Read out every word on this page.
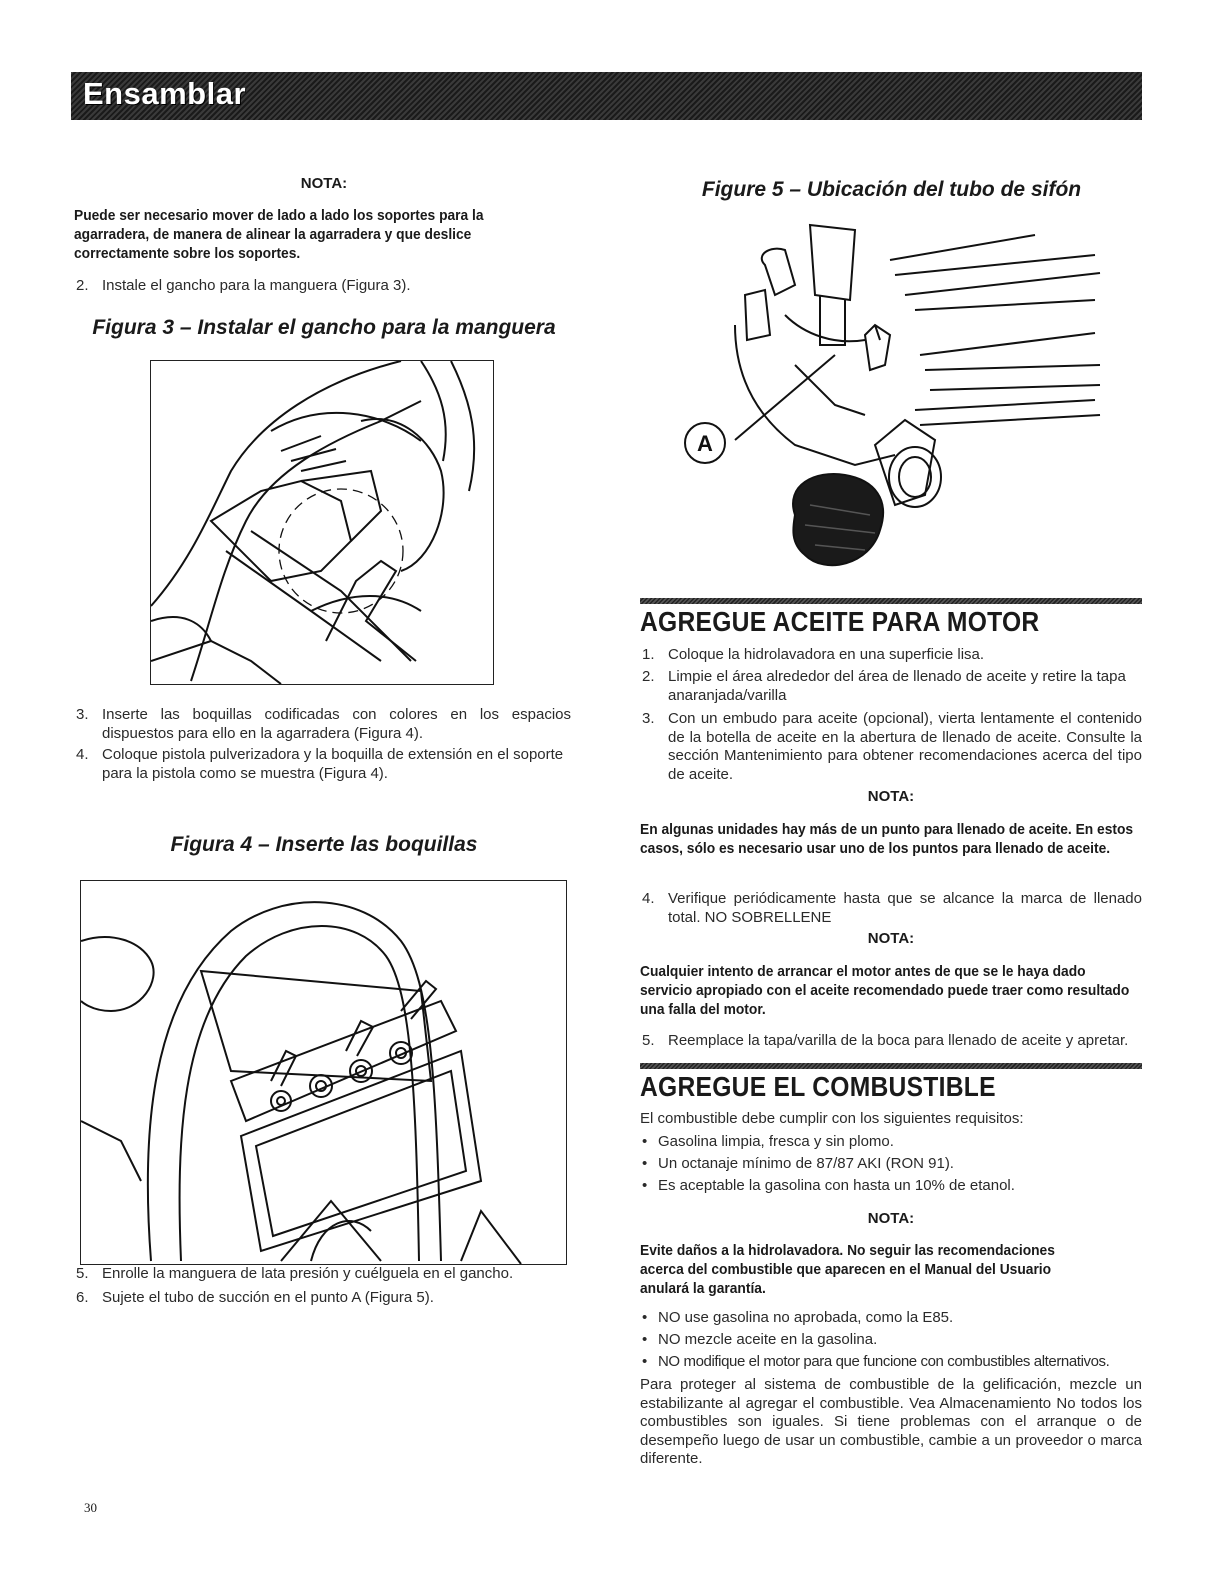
Ensamblar
NOTA:
Puede ser necesario mover de lado a lado los soportes para la agarradera, de manera de alinear la agarradera y que deslice correctamente sobre los soportes.
2. Instale el gancho para la manguera (Figura 3).
Figura 3 – Instalar el gancho para la manguera
3. Inserte las boquillas codificadas con colores en los espacios dispuestos para ello en la agarradera (Figura 4).
4. Coloque pistola pulverizadora y la boquilla de extensión en el soporte para la pistola como se muestra (Figura 4).
Figura 4 – Inserte las boquillas
5. Enrolle la manguera de lata presión y cuélguela en el gancho.
6. Sujete el tubo de succión en el punto A (Figura 5).
Figure 5 – Ubicación del tubo de sifón
A
AGREGUE ACEITE PARA MOTOR
1. Coloque la hidrolavadora en una superficie lisa.
2. Limpie el área alrededor del área de llenado de aceite y retire la tapa anaranjada/varilla
3. Con un embudo para aceite (opcional), vierta lentamente el contenido de la botella de aceite en la abertura de llenado de aceite. Consulte la sección Mantenimiento para obtener recomendaciones acerca del tipo de aceite.
NOTA:
En algunas unidades hay más de un punto para llenado de aceite. En estos casos, sólo es necesario usar uno de los puntos para llenado de aceite.
4. Verifique periódicamente hasta que se alcance la marca de llenado total. NO SOBRELLENE
NOTA:
Cualquier intento de arrancar el motor antes de que se le haya dado servicio apropiado con el aceite recomendado puede traer como resultado una falla del motor.
5. Reemplace la tapa/varilla de la boca para llenado de aceite y apretar.
AGREGUE EL COMBUSTIBLE
El combustible debe cumplir con los siguientes requisitos:
• Gasolina limpia, fresca y sin plomo.
• Un octanaje mínimo de 87/87 AKI (RON 91).
• Es aceptable la gasolina con hasta un 10% de etanol.
NOTA:
Evite daños a la hidrolavadora. No seguir las recomendaciones acerca del combustible que aparecen en el Manual del Usuario anulará la garantía.
• NO use gasolina no aprobada, como la E85.
• NO mezcle aceite en la gasolina.
• NO modifique el motor para que funcione con combustibles alternativos.
Para proteger al sistema de combustible de la gelificación, mezcle un estabilizante al agregar el combustible. Vea Almacenamiento No todos los combustibles son iguales. Si tiene problemas con el arranque o de desempeño luego de usar un combustible, cambie a un proveedor o marca diferente.
30
